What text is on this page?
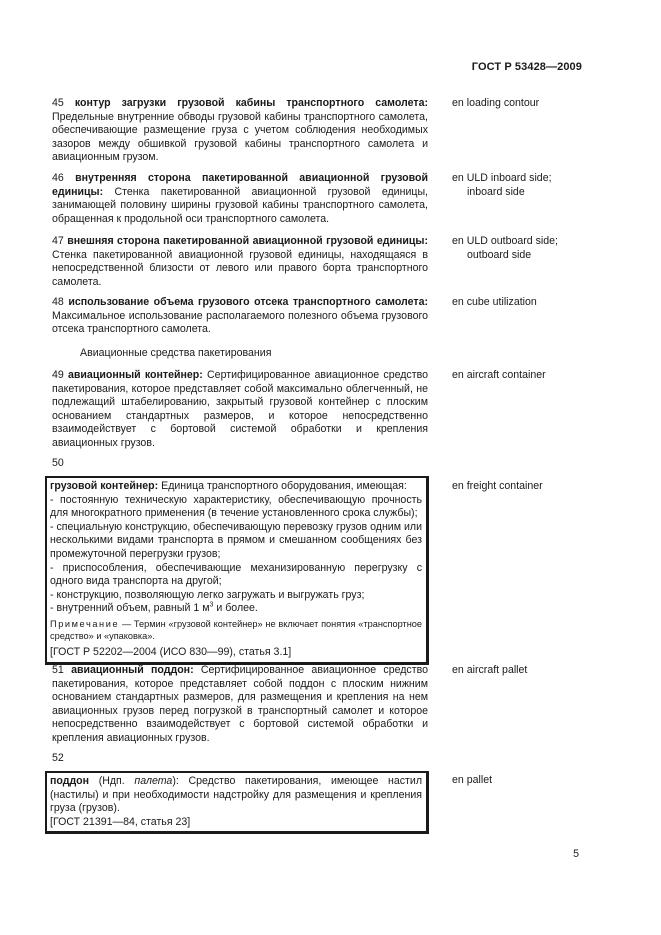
ГОСТ Р 53428—2009
45 контур загрузки грузовой кабины транспортного самолета: Предельные внутренние обводы грузовой кабины транспортного самолета, обеспечивающие размещение груза с учетом соблюдения необходимых зазоров между обшивкой грузовой кабины транспортного самолета и авиационным грузом.
en loading contour
46 внутренняя сторона пакетированной авиационной грузовой единицы: Стенка пакетированной авиационной грузовой единицы, занимающей половину ширины грузовой кабины транспортного самолета, обращенная к продольной оси транспортного самолета.
en ULD inboard side;
inboard side
47 внешняя сторона пакетированной авиационной грузовой единицы: Стенка пакетированной авиационной грузовой единицы, находящаяся в непосредственной близости от левого или правого борта транспортного самолета.
en ULD outboard side;
outboard side
48 использование объема грузового отсека транспортного самолета: Максимальное использование располагаемого полезного объема грузового отсека транспортного самолета.
en cube utilization
Авиационные средства пакетирования
49 авиационный контейнер: Сертифицированное авиационное средство пакетирования, которое представляет собой максимально облегченный, не подлежащий штабелированию, закрытый грузовой контейнер с плоским основанием стандартных размеров, и которое непосредственно взаимодействует с бортовой системой обработки и крепления авиационных грузов.
en aircraft container
50

грузовой контейнер: Единица транспортного оборудования, имеющая:

- постоянную техническую характеристику, обеспечивающую прочность для многократного применения (в течение установленного срока службы);

- специальную конструкцию, обеспечивающую перевозку грузов одним или несколькими видами транспорта в прямом и смешанном сообщениях без промежуточной перегрузки грузов;

- приспособления, обеспечивающие механизированную перегрузку с одного вида транспорта на другой;

- конструкцию, позволяющую легко загружать и выгружать груз;

- внутренний объем, равный 1 $м^3$ и более.

Примечание — Термин «грузовой контейнер» не включает понятия «транспортное средство» и «упаковка».

[ГОСТ Р 52202—2004 (ИСО 830—99), статья 3.1]

en freight container
51 авиационный поддон: Сертифицированное авиационное средство пакетирования, которое представляет собой поддон с плоским нижним основанием стандартных размеров, для размещения и крепления на нем авиационных грузов перед погрузкой в транспортный самолет и которое непосредственно взаимодействует с бортовой системой обработки и крепления авиационных грузов.
en aircraft pallet
52

поддон (Ндп. палета): Средство пакетирования, имеющее настил (настилы) и при необходимости надстройку для размещения и крепления груза (грузов).

[ГОСТ 21391—84, статья 23]

en pallet
5
